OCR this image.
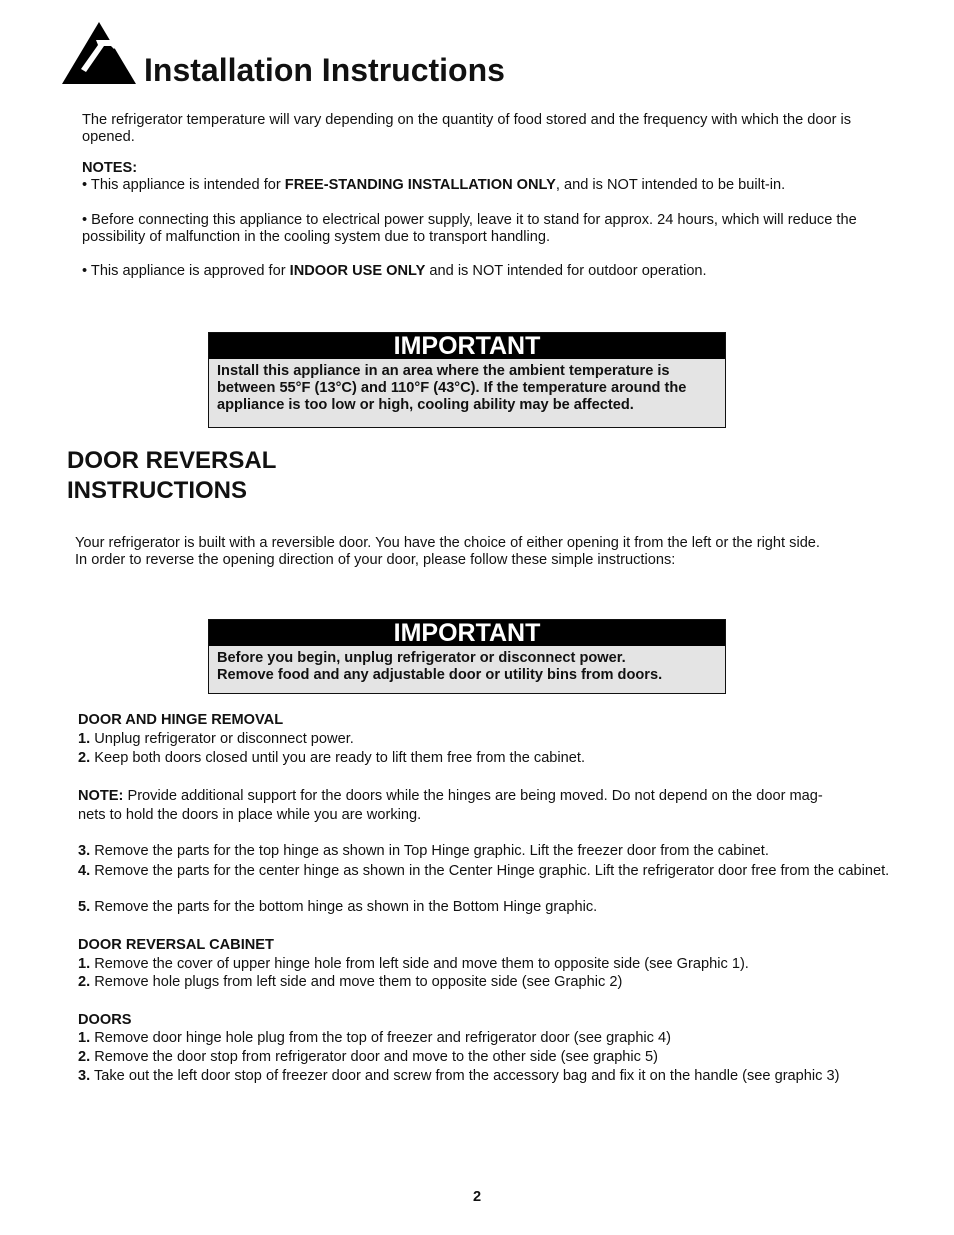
Installation Instructions
The refrigerator temperature will vary depending on the quantity of food stored and the frequency with which the door is opened.
NOTES:
• This appliance is intended for FREE-STANDING INSTALLATION ONLY, and is NOT intended to be built-in.
• Before connecting this appliance to electrical power supply, leave it to stand for approx. 24 hours, which will reduce the possibility of malfunction in the cooling system due to transport handling.
• This appliance is approved for INDOOR USE ONLY and is NOT intended for outdoor operation.
IMPORTANT
Install this appliance in an area where the ambient temperature is between 55°F (13°C) and 110°F (43°C). If the temperature around the appliance is too low or high, cooling ability may be affected.
DOOR REVERSAL
INSTRUCTIONS
Your refrigerator is built with a reversible door. You have the choice of either opening it from the left or the right side.
In order to reverse the opening direction of your door, please follow these simple instructions:
IMPORTANT
Before you begin, unplug refrigerator or disconnect power.
Remove food and any adjustable door or utility bins from doors.
DOOR AND HINGE REMOVAL
1. Unplug refrigerator or disconnect power.
2. Keep both doors closed until you are ready to lift them free from the cabinet.
NOTE: Provide additional support for the doors while the hinges are being moved. Do not depend on the door mag-
nets to hold the doors in place while you are working.
3. Remove the parts for the top hinge as shown in Top Hinge graphic. Lift the freezer door from the cabinet.
4. Remove the parts for the center hinge as shown in the Center Hinge graphic. Lift the refrigerator door free from the cabinet.
5. Remove the parts for the bottom hinge as shown in the Bottom Hinge graphic.
DOOR REVERSAL CABINET
1. Remove the cover of upper hinge hole from left side and move them to opposite side (see Graphic 1).
2. Remove hole plugs from left side and move them to opposite side (see Graphic 2)
DOORS
1. Remove door hinge hole plug from the top of freezer and refrigerator door (see graphic 4)
2. Remove the door stop from refrigerator door and move to the other side (see graphic 5)
3. Take out the left door stop of freezer door and screw from the accessory bag and fix it on the handle (see graphic 3)
2
